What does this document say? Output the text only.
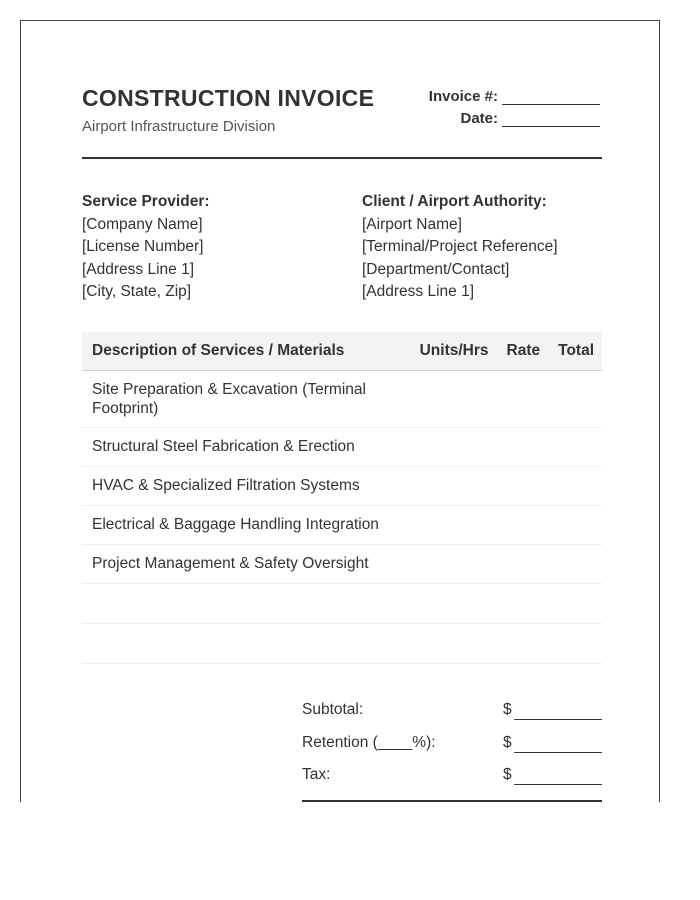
CONSTRUCTION INVOICE
Airport Infrastructure Division
Invoice #:
Date:
Service Provider:
[Company Name]
[License Number]
[Address Line 1]
[City, State, Zip]
Client / Airport Authority:
[Airport Name]
[Terminal/Project Reference]
[Department/Contact]
[Address Line 1]
Description of Services / Materials	Units/Hrs	Rate	Total
Site Preparation & Excavation (Terminal Footprint)			
Structural Steel Fabrication & Erection			
HVAC & Specialized Filtration Systems			
Electrical & Baggage Handling Integration			
Project Management & Safety Oversight			

Subtotal:	$
Retention (____%):	$
Tax:	$
